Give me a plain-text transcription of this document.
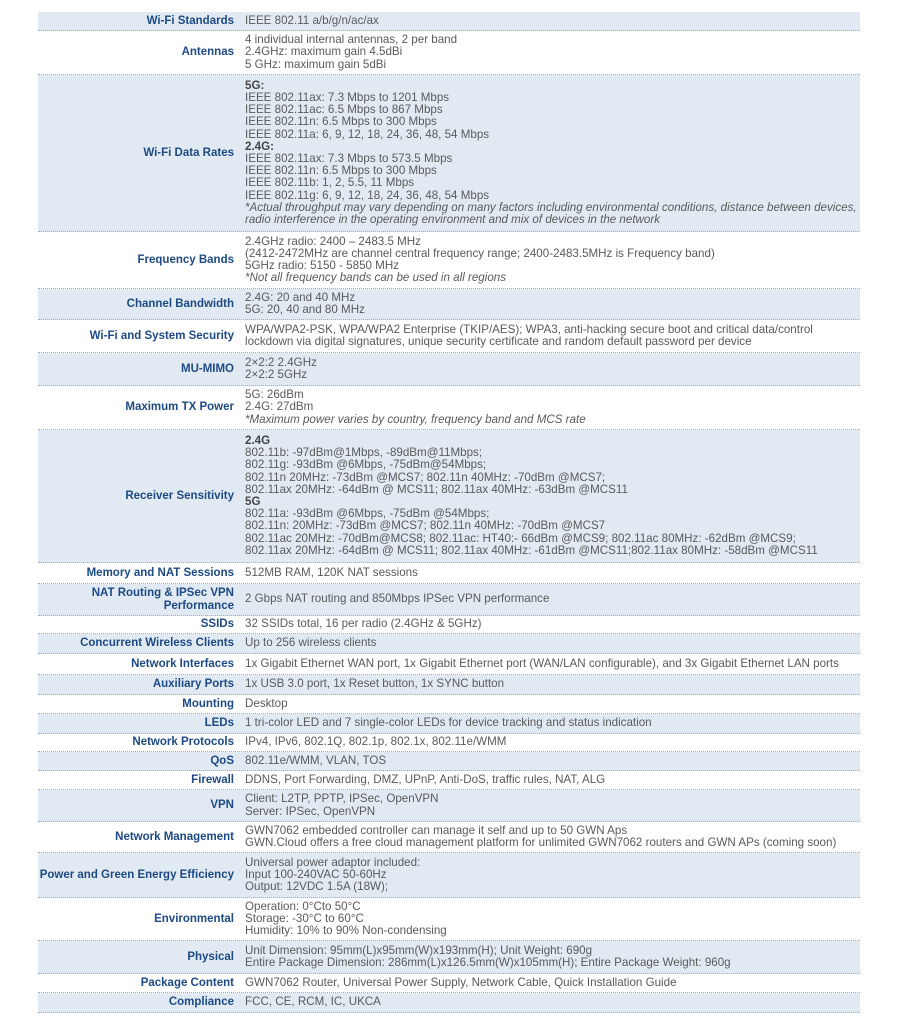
Wi-Fi Standards IEEE 802.11 a/b/g/n/ac/ax
Antennas
4 individual internal antennas, 2 per band
2.4GHz: maximum gain 4.5dBi
5 GHz: maximum gain 5dBi
Wi-Fi Data Rates
5G:
IEEE 802.11ax: 7.3 Mbps to 1201 Mbps
IEEE 802.11ac: 6.5 Mbps to 867 Mbps
IEEE 802.11n: 6.5 Mbps to 300 Mbps
IEEE 802.11a: 6, 9, 12, 18, 24, 36, 48, 54 Mbps
2.4G:
IEEE 802.11ax: 7.3 Mbps to 573.5 Mbps
IEEE 802.11n: 6.5 Mbps to 300 Mbps
IEEE 802.11b: 1, 2, 5.5, 11 Mbps
IEEE 802.11g: 6, 9, 12, 18, 24, 36, 48, 54 Mbps
*Actual throughput may vary depending on many factors including environmental conditions, distance between devices, radio interference in the operating environment and mix of devices in the network
Frequency Bands
2.4GHz radio: 2400 – 2483.5 MHz
(2412-2472MHz are channel central frequency range; 2400-2483.5MHz is Frequency band)
5GHz radio: 5150 - 5850 MHz
*Not all frequency bands can be used in all regions
Channel Bandwidth 2.4G: 20 and 40 MHz
5G: 20, 40 and 80 MHz
Wi-Fi and System Security WPA/WPA2-PSK, WPA/WPA2 Enterprise (TKIP/AES); WPA3, anti-hacking secure boot and critical data/control lockdown via digital signatures, unique security certificate and random default password per device
MU-MIMO 2×2:2 2.4GHz
2×2:2 5GHz
Maximum TX Power
5G: 26dBm
2.4G: 27dBm
*Maximum power varies by country, frequency band and MCS rate
Receiver Sensitivity
2.4G
802.11b: -97dBm@1Mbps, -89dBm@11Mbps;
802.11g: -93dBm @6Mbps, -75dBm@54Mbps;
802.11n 20MHz: -73dBm @MCS7; 802.11n 40MHz: -70dBm @MCS7;
802.11ax 20MHz: -64dBm @ MCS11; 802.11ax 40MHz: -63dBm @MCS11
5G
802.11a: -93dBm @6Mbps, -75dBm @54Mbps;
802.11n: 20MHz: -73dBm @MCS7; 802.11n 40MHz: -70dBm @MCS7
802.11ac 20MHz: -70dBm@MCS8; 802.11ac: HT40:- 66dBm @MCS9; 802.11ac 80MHz: -62dBm @MCS9;
802.11ax 20MHz: -64dBm @ MCS11; 802.11ax 40MHz: -61dBm @MCS11;802.11ax 80MHz: -58dBm @MCS11
Memory and NAT Sessions 512MB RAM, 120K NAT sessions
NAT Routing & IPSec VPN Performance
2 Gbps NAT routing and 850Mbps IPSec VPN performance
SSIDs 32 SSIDs total, 16 per radio (2.4GHz & 5GHz)
Concurrent Wireless Clients Up to 256 wireless clients
Network Interfaces 1x Gigabit Ethernet WAN port, 1x Gigabit Ethernet port (WAN/LAN configurable), and 3x Gigabit Ethernet LAN ports
Auxiliary Ports 1x USB 3.0 port, 1x Reset button, 1x SYNC button
Mounting Desktop
LEDs 1 tri-color LED and 7 single-color LEDs for device tracking and status indication
Network Protocols IPv4, IPv6, 802.1Q, 802.1p, 802.1x, 802.11e/WMM
QoS 802.11e/WMM, VLAN, TOS
Firewall DDNS, Port Forwarding, DMZ, UPnP, Anti-DoS, traffic rules, NAT, ALG
VPN Client: L2TP, PPTP, IPSec, OpenVPN
Server: IPSec, OpenVPN
Network Management GWN7062 embedded controller can manage it self and up to 50 GWN Aps
GWN.Cloud offers a free cloud management platform for unlimited GWN7062 routers and GWN APs (coming soon)
Power and Green Energy Efficiency
Universal power adaptor included:
Input 100-240VAC 50-60Hz
Output: 12VDC 1.5A (18W);
Environmental
Operation: 0°Cto 50°C
Storage: -30°C to 60°C
Humidity: 10% to 90% Non-condensing
Physical Unit Dimension: 95mm(L)x95mm(W)x193mm(H); Unit Weight: 690g
Entire Package Dimension: 286mm(L)x126.5mm(W)x105mm(H); Entire Package Weight: 960g
Package Content GWN7062 Router, Universal Power Supply, Network Cable, Quick Installation Guide
Compliance FCC, CE, RCM, IC, UKCA
